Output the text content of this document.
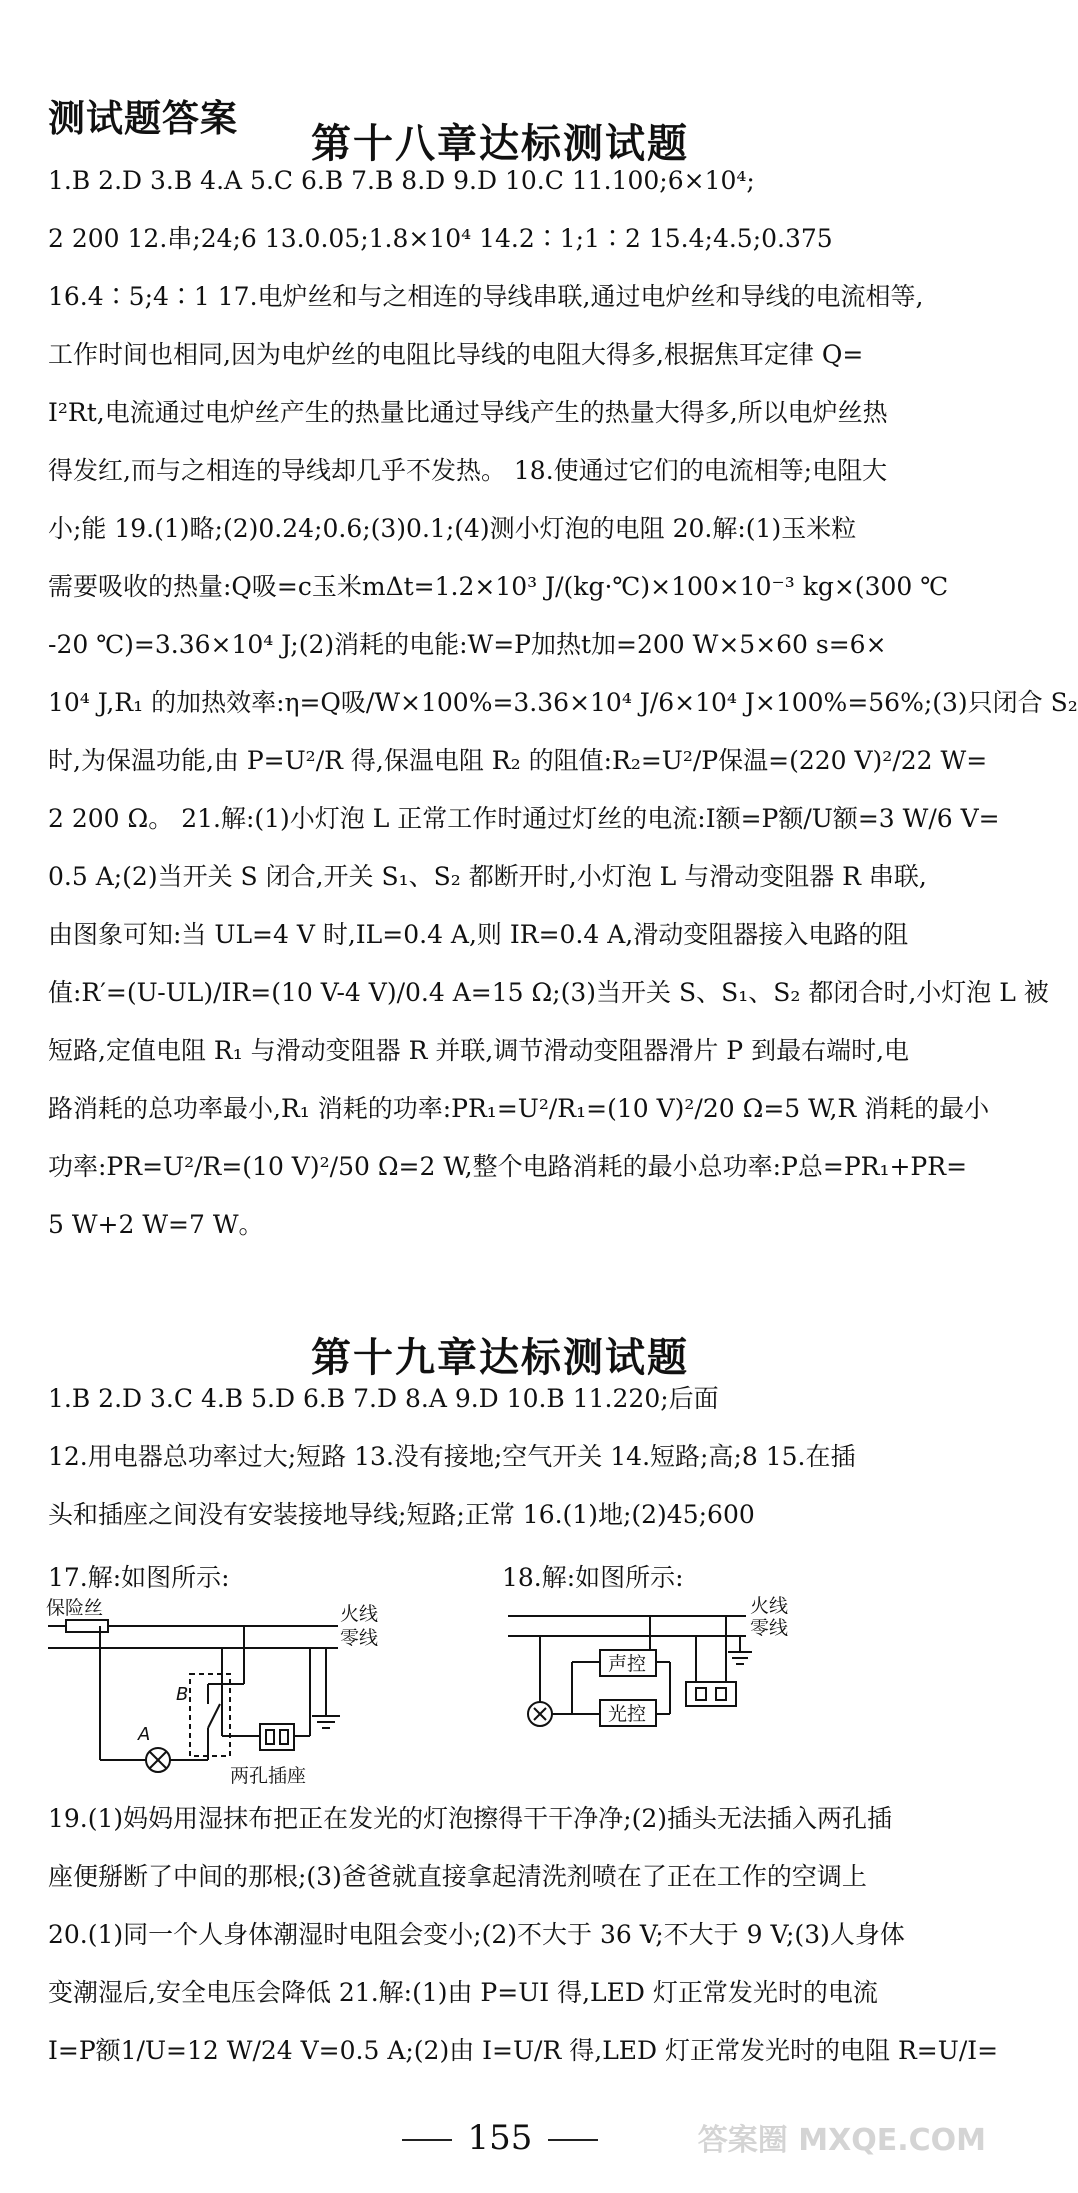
测试题答案
第十八章达标测试题

1.B 2.D 3.B 4.A 5.C 6.B 7.B 8.D 9.D 10.C 11.100;6×10⁴;

2 200 12.串;24;6 13.0.05;1.8×10⁴ 14.2∶1;1∶2 15.4;4.5;0.375

16.4∶5;4∶1 17.电炉丝和与之相连的导线串联,通过电炉丝和导线的电流相等,

工作时间也相同,因为电炉丝的电阻比导线的电阻大得多,根据焦耳定律 Q=

I²Rt,电流通过电炉丝产生的热量比通过导线产生的热量大得多,所以电炉丝热

得发红,而与之相连的导线却几乎不发热。 18.使通过它们的电流相等;电阻大

小;能 19.(1)略;(2)0.24;0.6;(3)0.1;(4)测小灯泡的电阻 20.解:(1)玉米粒

需要吸收的热量:Q吸=c玉米mΔt=1.2×10³ J/(kg·℃)×100×10⁻³ kg×(300 ℃

-20 ℃)=3.36×10⁴ J;(2)消耗的电能:W=P加热t加=200 W×5×60 s=6×

10⁴ J,R₁ 的加热效率:η=Q吸/W×100%=3.36×10⁴ J/6×10⁴ J×100%=56%;(3)只闭合 S₂

时,为保温功能,由 P=U²/R 得,保温电阻 R₂ 的阻值:R₂=U²/P保温=(220 V)²/22 W=

2 200 Ω。 21.解:(1)小灯泡 L 正常工作时通过灯丝的电流:I额=P额/U额=3 W/6 V=

0.5 A;(2)当开关 S 闭合,开关 S₁、S₂ 都断开时,小灯泡 L 与滑动变阻器 R 串联,

由图象可知:当 UL=4 V 时,IL=0.4 A,则 IR=0.4 A,滑动变阻器接入电路的阻

值:R′=(U-UL)/IR=(10 V-4 V)/0.4 A=15 Ω;(3)当开关 S、S₁、S₂ 都闭合时,小灯泡 L 被

短路,定值电阻 R₁ 与滑动变阻器 R 并联,调节滑动变阻器滑片 P 到最右端时,电

路消耗的总功率最小,R₁ 消耗的功率:PR₁=U²/R₁=(10 V)²/20 Ω=5 W,R 消耗的最小

功率:PR=U²/R=(10 V)²/50 Ω=2 W,整个电路消耗的最小总功率:P总=PR₁+PR=

5 W+2 W=7 W。

第十九章达标测试题

1.B 2.D 3.C 4.B 5.D 6.B 7.D 8.A 9.D 10.B 11.220;后面

12.用电器总功率过大;短路 13.没有接地;空气开关 14.短路;高;8 15.在插

头和插座之间没有安装接地导线;短路;正常 16.(1)地;(2)45;600

17.解:如图所示:	18.解:如图所示:
保险丝	火线
零线
A
B
两孔插座
火线
零线
声控
光控

19.(1)妈妈用湿抹布把正在发光的灯泡擦得干干净净;(2)插头无法插入两孔插

座便掰断了中间的那根;(3)爸爸就直接拿起清洗剂喷在了正在工作的空调上

20.(1)同一个人身体潮湿时电阻会变小;(2)不大于 36 V;不大于 9 V;(3)人身体

变潮湿后,安全电压会降低 21.解:(1)由 P=UI 得,LED 灯正常发光时的电流

I=P额1/U=12 W/24 V=0.5 A;(2)由 I=U/R 得,LED 灯正常发光时的电阻 R=U/I=

155	答案圈 MXQE.COM
